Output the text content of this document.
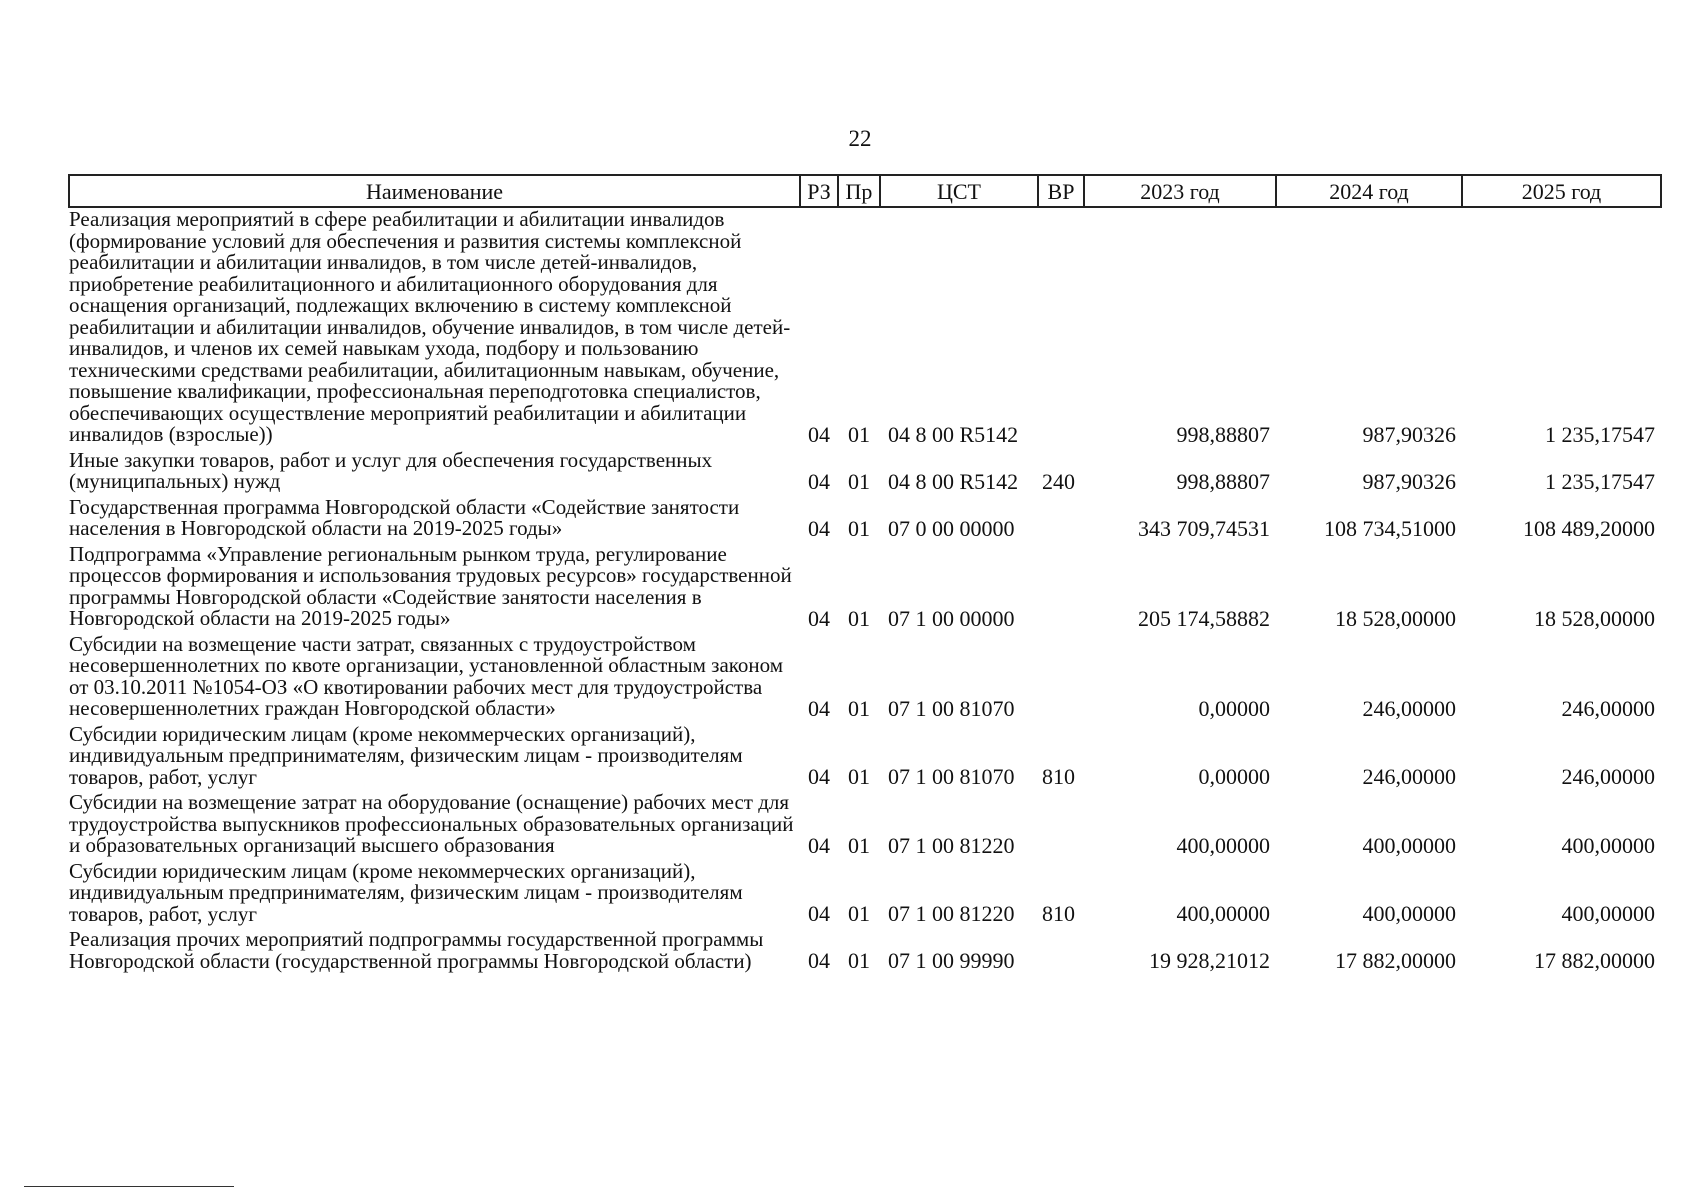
22
Наименование	РЗ	Пр	ЦСТ	ВР	2023 год	2024 год	2025 год
Реализация мероприятий в сфере реабилитации и абилитации инвалидов (формирование условий для обеспечения и развития системы комплексной реабилитации и абилитации инвалидов, в том числе детей-инвалидов, приобретение реабилитационного и абилитационного оборудования для оснащения организаций, подлежащих включению в систему комплексной реабилитации и абилитации инвалидов, обучение инвалидов, в том числе детей-инвалидов, и членов их семей навыкам ухода, подбору и пользованию техническими средствами реабилитации, абилитационным навыкам, обучение, повышение квалификации, профессиональная переподготовка специалистов, обеспечивающих осуществление мероприятий реабилитации и абилитации инвалидов (взрослые))	04	01	04 8 00 R5142		998,88807	987,90326	1 235,17547
Иные закупки товаров, работ и услуг для обеспечения государственных (муниципальных) нужд	04	01	04 8 00 R5142	240	998,88807	987,90326	1 235,17547
Государственная программа Новгородской области «Содействие занятости населения в Новгородской области на 2019-2025 годы»	04	01	07 0 00 00000		343 709,74531	108 734,51000	108 489,20000
Подпрограмма «Управление региональным рынком труда, регулирование процессов формирования и использования трудовых ресурсов» государственной программы Новгородской области «Содействие занятости населения в Новгородской области на 2019-2025 годы»	04	01	07 1 00 00000		205 174,58882	18 528,00000	18 528,00000
Субсидии на возмещение части затрат, связанных с трудоустройством несовершеннолетних по квоте организации, установленной областным законом от 03.10.2011 №1054-ОЗ «О квотировании рабочих мест для трудоустройства несовершеннолетних граждан Новгородской области»	04	01	07 1 00 81070		0,00000	246,00000	246,00000
Субсидии юридическим лицам (кроме некоммерческих организаций), индивидуальным предпринимателям, физическим лицам - производителям товаров, работ, услуг	04	01	07 1 00 81070	810	0,00000	246,00000	246,00000
Субсидии на возмещение затрат на оборудование (оснащение) рабочих мест для трудоустройства выпускников профессиональных образовательных организаций и образовательных организаций высшего образования	04	01	07 1 00 81220		400,00000	400,00000	400,00000
Субсидии юридическим лицам (кроме некоммерческих организаций), индивидуальным предпринимателям, физическим лицам - производителям товаров, работ, услуг	04	01	07 1 00 81220	810	400,00000	400,00000	400,00000
Реализация прочих мероприятий подпрограммы государственной программы Новгородской области (государственной программы Новгородской области)	04	01	07 1 00 99990		19 928,21012	17 882,00000	17 882,00000
